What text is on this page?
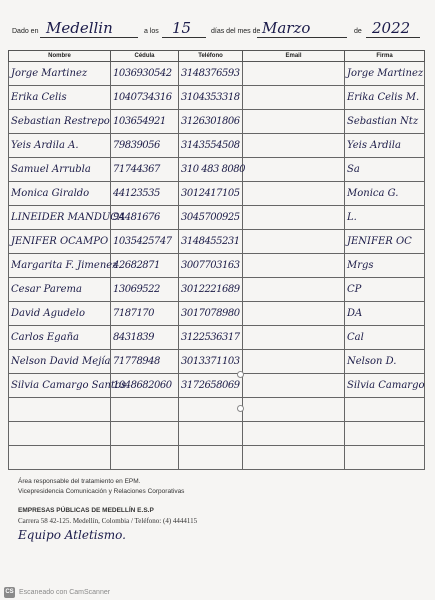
Dado en Medellin	a los 15	días del mes de Marzo	de 2022
Nombre	Cédula	Teléfono	Email	Firma
Jorge Martinez	1036930542	3148376593		Jorge Martinez
Erika Celis	1040734316	3104353318		Erika Celis M.
Sebastian Restrepo	103654921	3126301806		Sebastian Ntz
Yeis Ardila A.	79839056	3143554508		Yeis Ardila
Samuel Arrubla	71744367	310 483 8080		Sa
Monica Giraldo	44123535	3012417105		Monica G.
LINEIDER MANDUCA	94481676	3045700925		L.
JENIFER OCAMPO	1035425747	3148455231		JENIFER OC
Margarita F. Jimenez	42682871	3007703163		Mrgs
Cesar Parema	13069522	3012221689		CP
David Agudelo	7187170	3017078980		DA
Carlos Egaña	8431839	3122536317		Cal
Nelson David Mejía	71778948	3013371103		Nelson D.
Silvia Camargo Santos	1048682060	3172658069		Silvia Camargo

Área responsable del tratamiento en EPM.
Vicepresidencia Comunicación y Relaciones Corporativas
EMPRESAS PÚBLICAS DE MEDELLÍN E.S.P
Carrera 58 42-125. Medellín, Colombia / Teléfono: (4) 4444115
Equipo Atletismo.
CS Escaneado con CamScanner
